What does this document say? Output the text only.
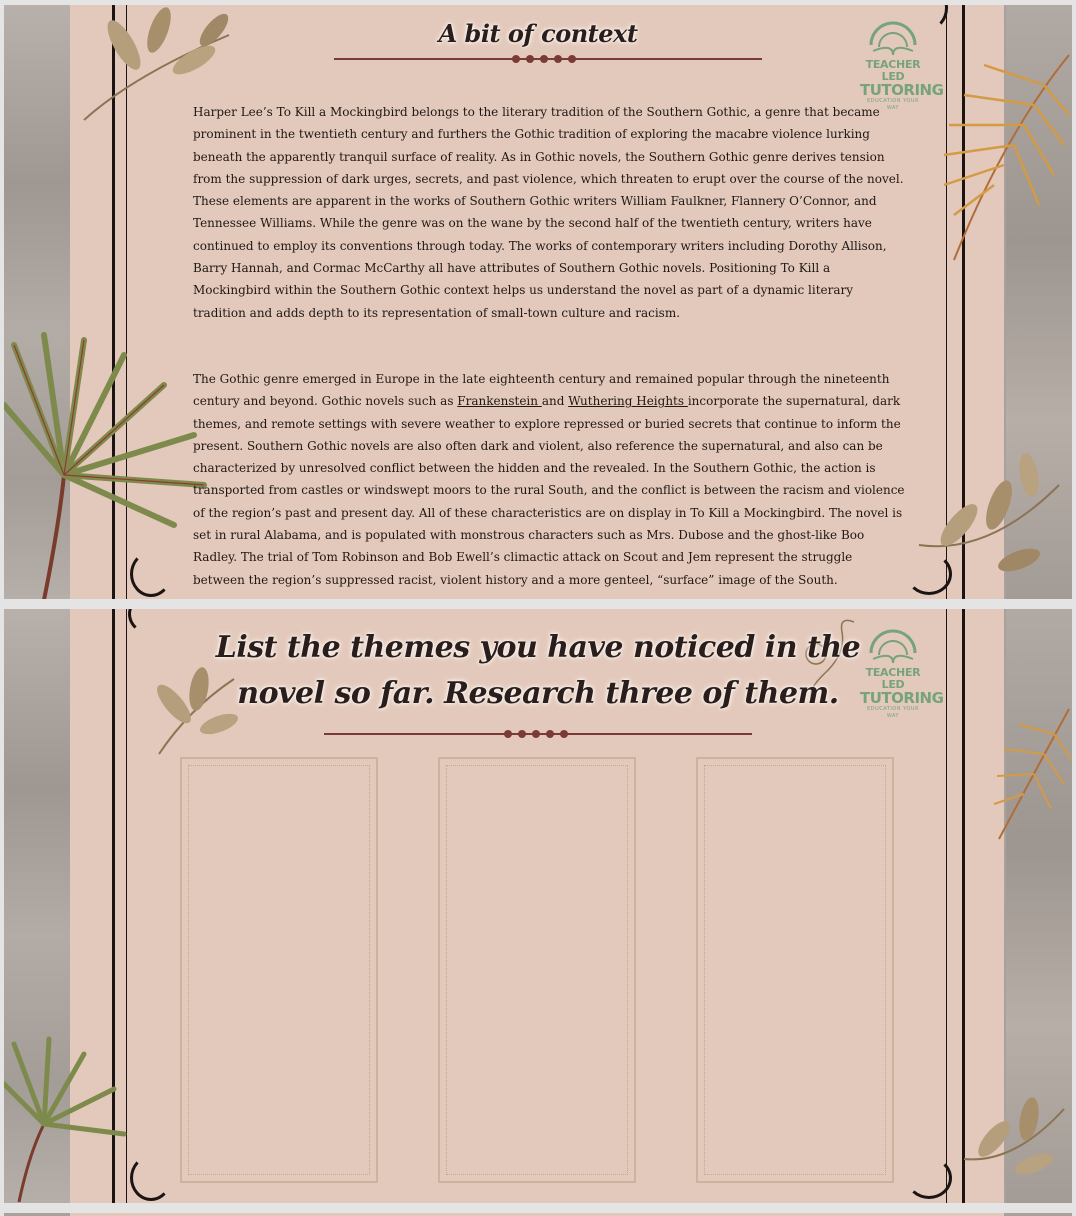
A bit of context
TEACHER LED
TUTORING
EDUCATION YOUR WAY

Harper Lee’s To Kill a Mockingbird belongs to the literary tradition of the Southern Gothic, a genre that became prominent in the twentieth century and furthers the Gothic tradition of exploring the macabre violence lurking beneath the apparently tranquil surface of reality. As in Gothic novels, the Southern Gothic genre derives tension from the suppression of dark urges, secrets, and past violence, which threaten to erupt over the course of the novel. These elements are apparent in the works of Southern Gothic writers William Faulkner, Flannery O’Connor, and Tennessee Williams. While the genre was on the wane by the second half of the twentieth century, writers have continued to employ its conventions through today. The works of contemporary writers including Dorothy Allison, Barry Hannah, and Cormac McCarthy all have attributes of Southern Gothic novels. Positioning To Kill a Mockingbird within the Southern Gothic context helps us understand the novel as part of a dynamic literary tradition and adds depth to its representation of small-town culture and racism.

The Gothic genre emerged in Europe in the late eighteenth century and remained popular through the nineteenth century and beyond. Gothic novels such as Frankenstein and Wuthering Heights incorporate the supernatural, dark themes, and remote settings with severe weather to explore repressed or buried secrets that continue to inform the present. Southern Gothic novels are also often dark and violent, also reference the supernatural, and also can be characterized by unresolved conflict between the hidden and the revealed. In the Southern Gothic, the action is transported from castles or windswept moors to the rural South, and the conflict is between the racism and violence of the region’s past and present day. All of these characteristics are on display in To Kill a Mockingbird. The novel is set in rural Alabama, and is populated with monstrous characters such as Mrs. Dubose and the ghost-like Boo Radley. The trial of Tom Robinson and Bob Ewell’s climactic attack on Scout and Jem represent the struggle between the region’s suppressed racist, violent history and a more genteel, “surface” image of the South.

List the themes you have noticed in the
novel so far. Research three of them.
TEACHER LED
TUTORING
EDUCATION YOUR WAY
